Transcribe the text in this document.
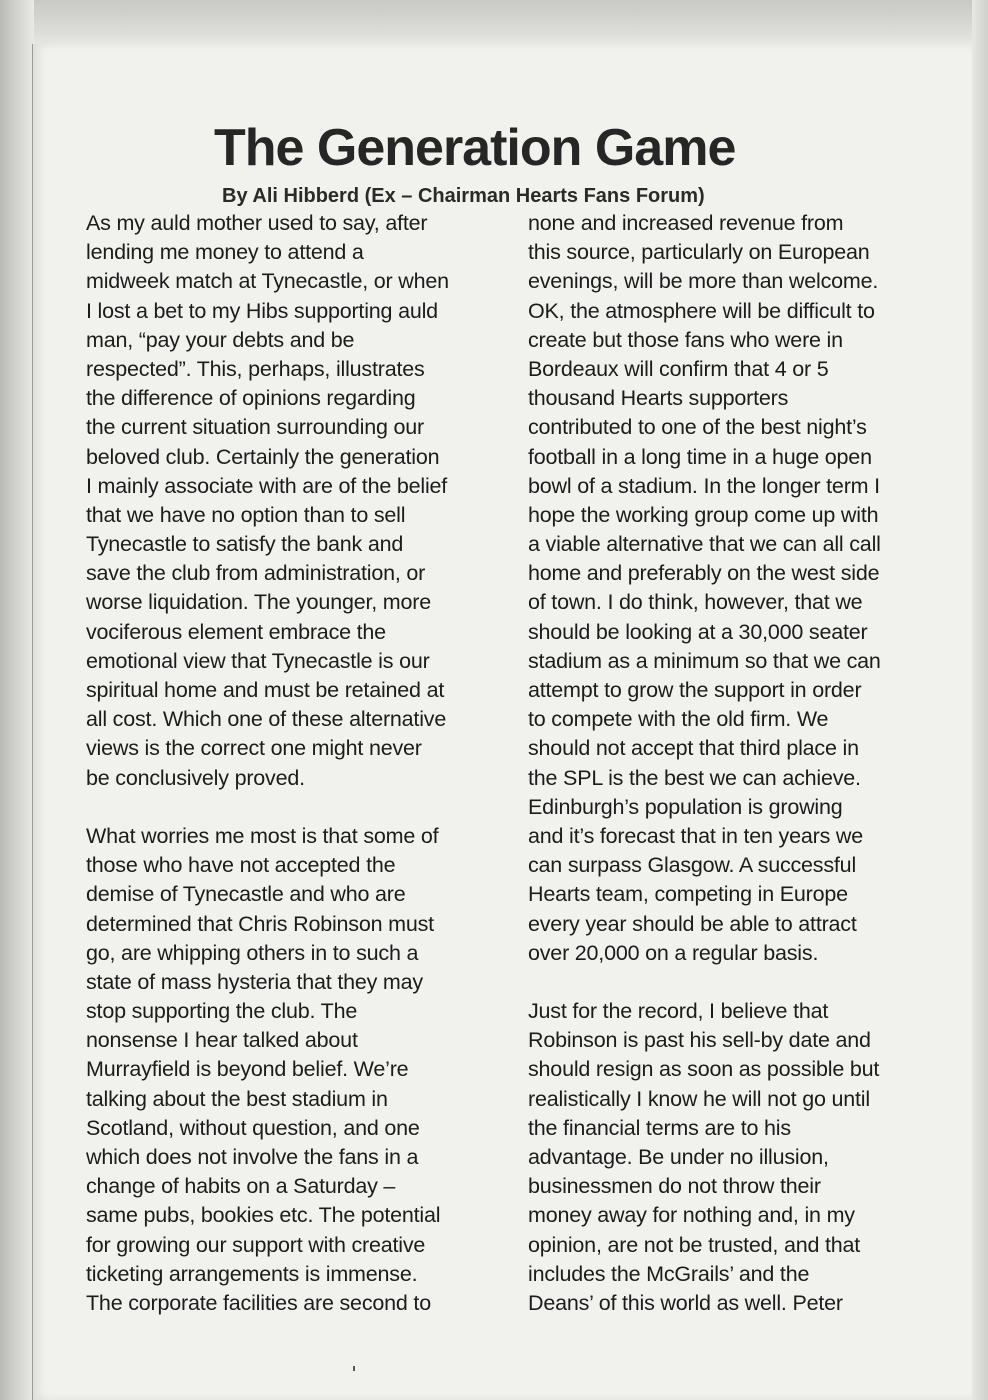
The Generation Game
By Ali Hibberd (Ex – Chairman Hearts Fans Forum)
As my auld mother used to say, after
lending me money to attend a
midweek match at Tynecastle, or when
I lost a bet to my Hibs supporting auld
man, “pay your debts and be
respected”. This, perhaps, illustrates
the difference of opinions regarding
the current situation surrounding our
beloved club. Certainly the generation
I mainly associate with are of the belief
that we have no option than to sell
Tynecastle to satisfy the bank and
save the club from administration, or
worse liquidation. The younger, more
vociferous element embrace the
emotional view that Tynecastle is our
spiritual home and must be retained at
all cost. Which one of these alternative
views is the correct one might never
be conclusively proved.
What worries me most is that some of
those who have not accepted the
demise of Tynecastle and who are
determined that Chris Robinson must
go, are whipping others in to such a
state of mass hysteria that they may
stop supporting the club. The
nonsense I hear talked about
Murrayfield is beyond belief. We’re
talking about the best stadium in
Scotland, without question, and one
which does not involve the fans in a
change of habits on a Saturday –
same pubs, bookies etc. The potential
for growing our support with creative
ticketing arrangements is immense.
The corporate facilities are second to
none and increased revenue from
this source, particularly on European
evenings, will be more than welcome.
OK, the atmosphere will be difficult to
create but those fans who were in
Bordeaux will confirm that 4 or 5
thousand Hearts supporters
contributed to one of the best night’s
football in a long time in a huge open
bowl of a stadium. In the longer term I
hope the working group come up with
a viable alternative that we can all call
home and preferably on the west side
of town. I do think, however, that we
should be looking at a 30,000 seater
stadium as a minimum so that we can
attempt to grow the support in order
to compete with the old firm. We
should not accept that third place in
the SPL is the best we can achieve.
Edinburgh’s population is growing
and it’s forecast that in ten years we
can surpass Glasgow. A successful
Hearts team, competing in Europe
every year should be able to attract
over 20,000 on a regular basis.
Just for the record, I believe that
Robinson is past his sell-by date and
should resign as soon as possible but
realistically I know he will not go until
the financial terms are to his
advantage. Be under no illusion,
businessmen do not throw their
money away for nothing and, in my
opinion, are not be trusted, and that
includes the McGrails’ and the
Deans’ of this world as well. Peter
